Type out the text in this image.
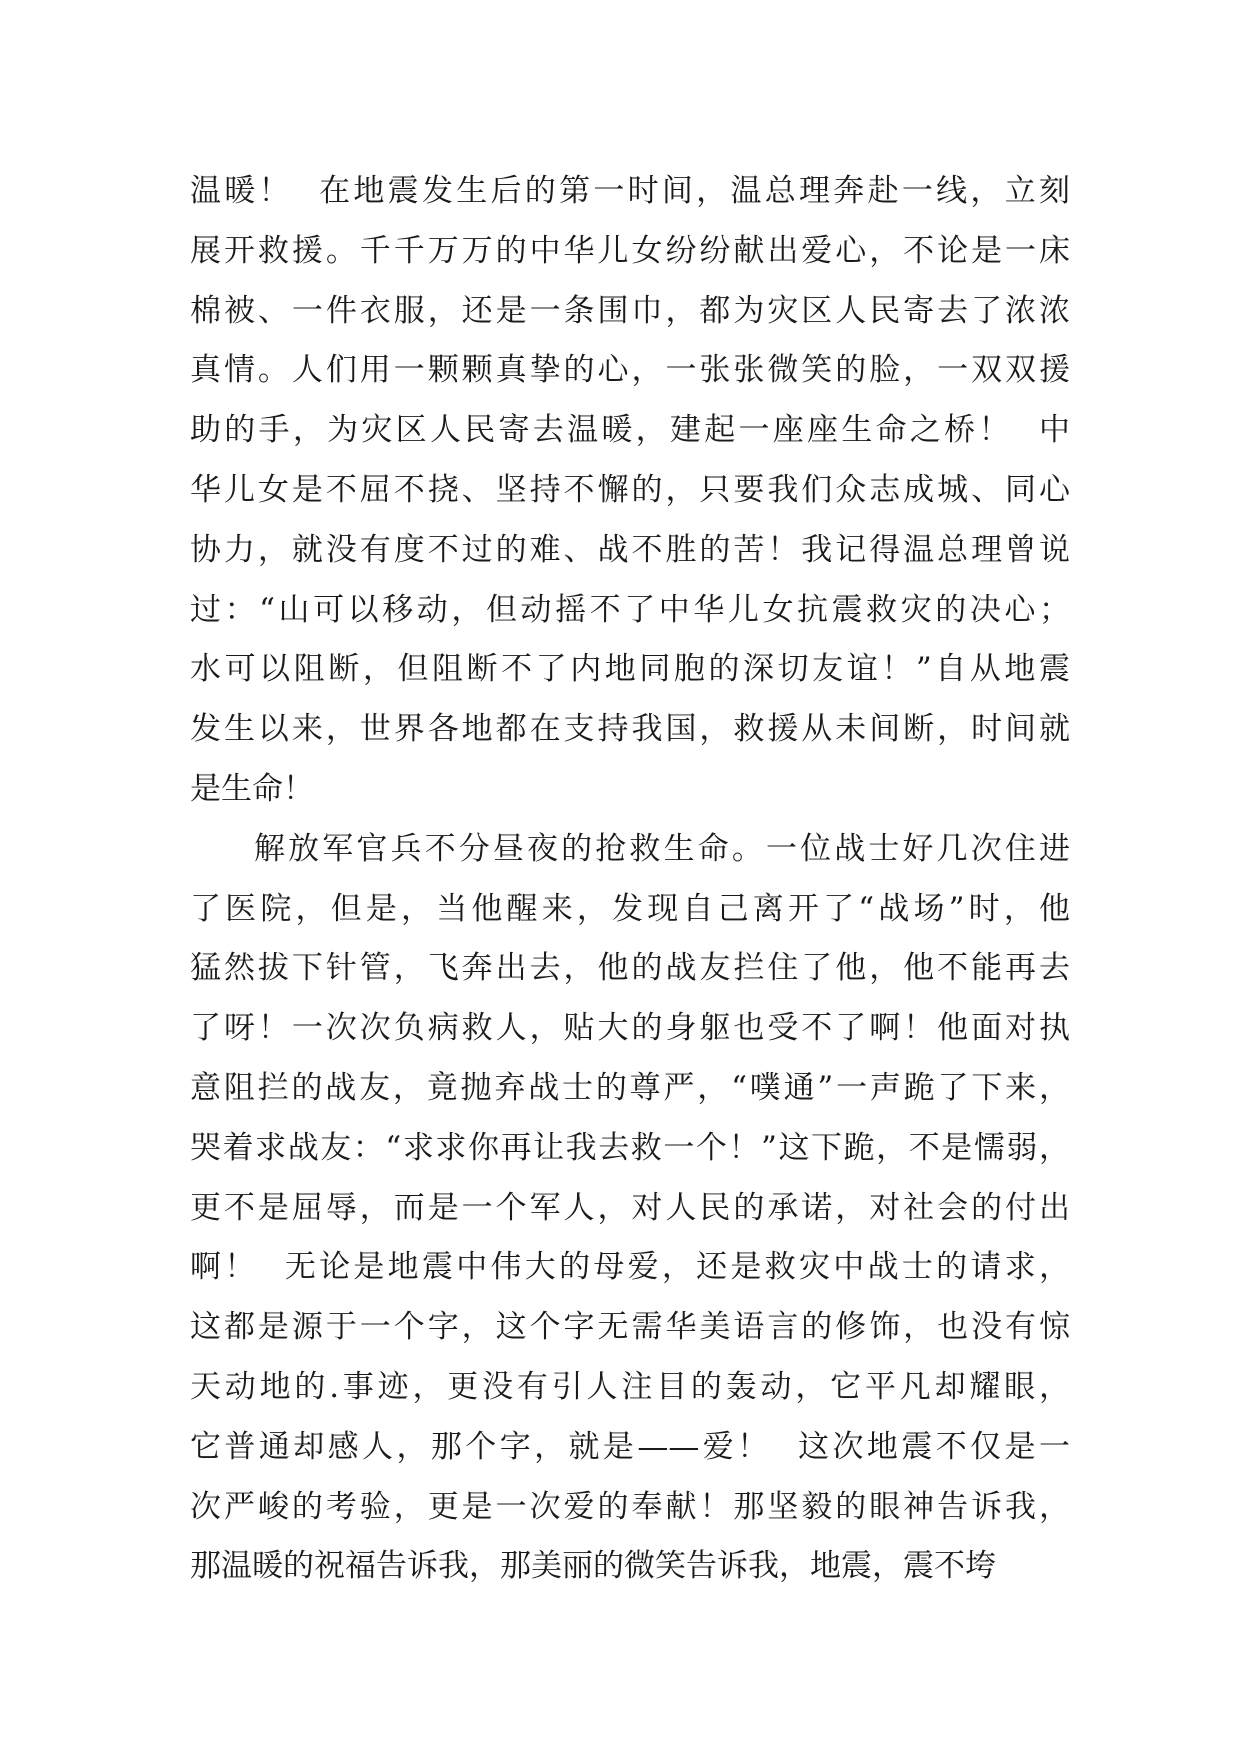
温暖！  在地震发生后的第一时间，温总理奔赴一线，立刻
展开救援。千千万万的中华儿女纷纷献出爱心，不论是一床
棉被、一件衣服，还是一条围巾，都为灾区人民寄去了浓浓
真情。人们用一颗颗真挚的心，一张张微笑的脸，一双双援
助的手，为灾区人民寄去温暖，建起一座座生命之桥！  中
华儿女是不屈不挠、坚持不懈的，只要我们众志成城、同心
协力，就没有度不过的难、战不胜的苦！我记得温总理曾说
过：“山可以移动，但动摇不了中华儿女抗震救灾的决心；
水可以阻断，但阻断不了内地同胞的深切友谊！”自从地震
发生以来，世界各地都在支持我国，救援从未间断，时间就
是生命！
解放军官兵不分昼夜的抢救生命。一位战士好几次住进
了医院，但是，当他醒来，发现自己离开了“战场”时，他
猛然拔下针管，飞奔出去，他的战友拦住了他，他不能再去
了呀！一次次负病救人，贴大的身躯也受不了啊！他面对执
意阻拦的战友，竟抛弃战士的尊严，“噗通”一声跪了下来，
哭着求战友：“求求你再让我去救一个！”这下跪，不是懦弱，
更不是屈辱，而是一个军人，对人民的承诺，对社会的付出
啊！  无论是地震中伟大的母爱，还是救灾中战士的请求，
这都是源于一个字，这个字无需华美语言的修饰，也没有惊
天动地的.事迹，更没有引人注目的轰动，它平凡却耀眼，
它普通却感人，那个字，就是——爱！  这次地震不仅是一
次严峻的考验，更是一次爱的奉献！那坚毅的眼神告诉我，
那温暖的祝福告诉我，那美丽的微笑告诉我，地震，震不垮
